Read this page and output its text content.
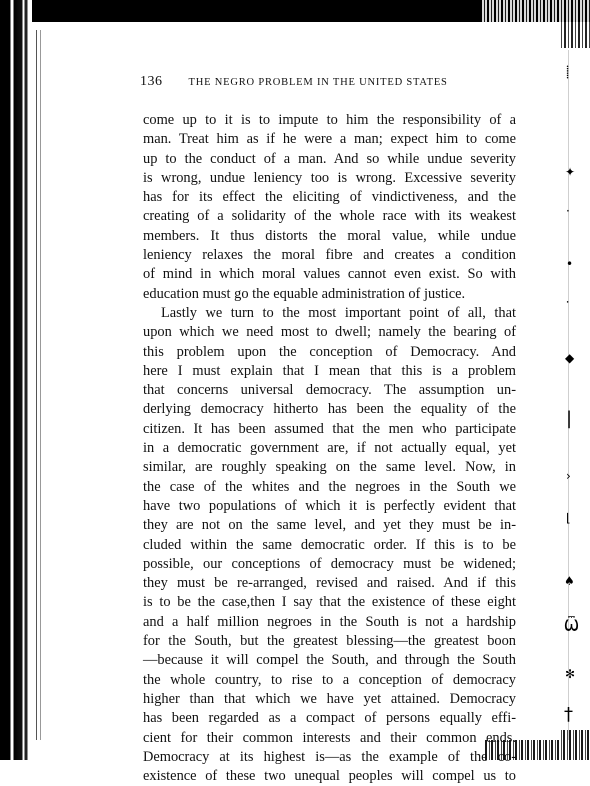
⸽
✦
·
•
⸱
◆
|
›
⌊
♠
Ѿ
✻
†
136 THE NEGRO PROBLEM IN THE UNITED STATES
come up to it is to impute to him the responsibility of a
man. Treat him as if he were a man; expect him to come
up to the conduct of a man. And so while undue severity
is wrong, undue leniency too is wrong. Excessive severity
has for its effect the eliciting of vindictiveness, and the
creating of a solidarity of the whole race with its weakest
members. It thus distorts the moral value, while undue
leniency relaxes the moral fibre and creates a condition
of mind in which moral values cannot even exist. So with
education must go the equable administration of justice.
Lastly we turn to the most important point of all, that
upon which we need most to dwell; namely the bearing of
this problem upon the conception of Democracy. And
here I must explain that I mean that this is a problem
that concerns universal democracy. The assumption un-
derlying democracy hitherto has been the equality of the
citizen. It has been assumed that the men who participate
in a democratic government are, if not actually equal, yet
similar, are roughly speaking on the same level. Now, in
the case of the whites and the negroes in the South we
have two populations of which it is perfectly evident that
they are not on the same level, and yet they must be in-
cluded within the same democratic order. If this is to be
possible, our conceptions of democracy must be widened;
they must be re-arranged, revised and raised. And if this
is to be the case,then I say that the existence of these eight
and a half million negroes in the South is not a hardship
for the South, but the greatest blessing—the greatest boon
—because it will compel the South, and through the South
the whole country, to rise to a conception of democracy
higher than that which we have yet attained. Democracy
has been regarded as a compact of persons equally effi-
cient for their common interests and their common ends.
Democracy at its highest is—as the example of the co-
existence of these two unequal peoples will compel us to
